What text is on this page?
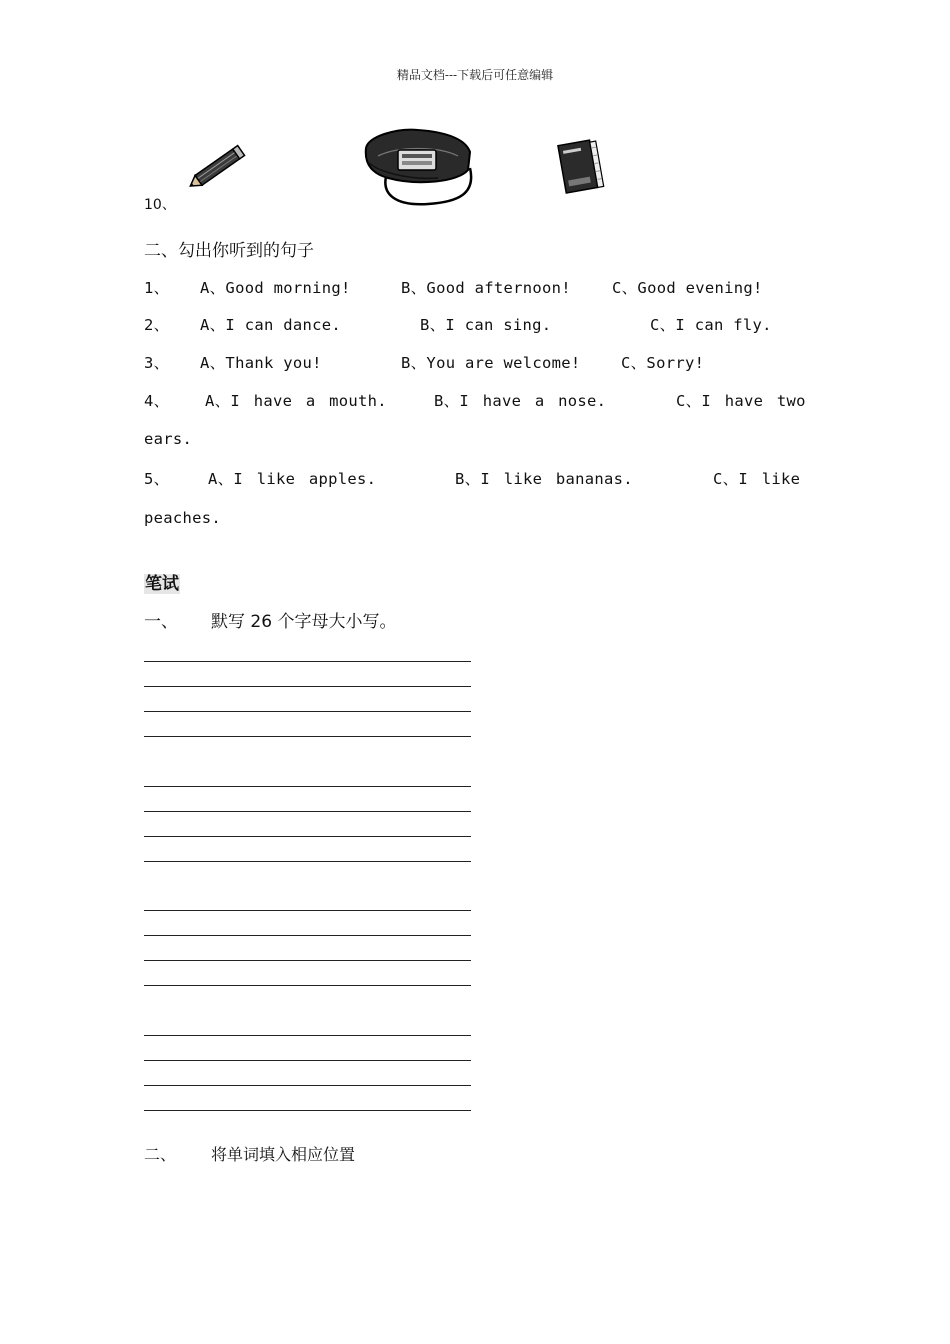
精品文档---下载后可任意编辑
10、
二、勾出你听到的句子
1、 A、Good morning!	B、Good afternoon!	C、Good evening!
2、 A、I can dance.	B、I can sing.	C、I can fly.
3、 A、Thank you!	B、You are welcome!	C、Sorry!
4、 A、I have a mouth.	B、I have a nose.	C、I have two
ears.
5、 A、I like apples.	B、I like bananas.	C、I like
peaches.
笔试
一、 默写 26 个字母大小写。
二、 将单词填入相应位置
